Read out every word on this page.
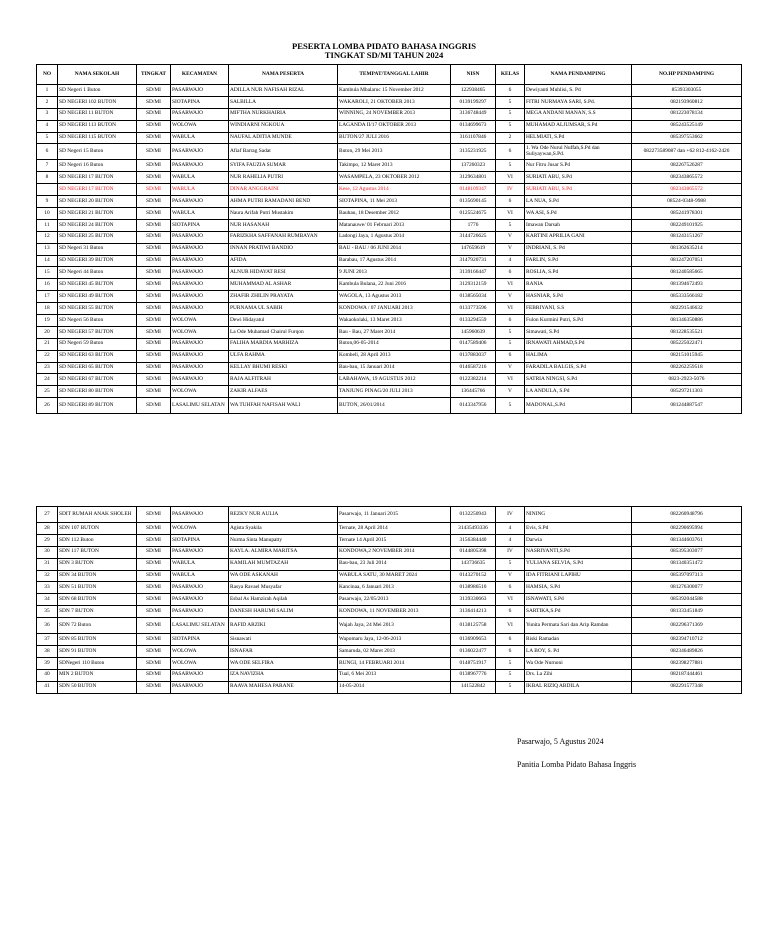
PESERTA LOMBA PIDATO BAHASA INGGRIS
TINGKAT SD/MI TAHUN 2024
NO	NAMA SEKOLAH	TINGKAT	KECAMATAN	NAMA PESERTA	TEMPAT/TANGGAL LAHIR	NISN	KELAS	NAMA PENDAMPING	NO.HP PENDAMPING
1	SD Negeri 1 Buton	SD/MI	PASARWAJO	ADILLA NUR NAFISAH RIZAL	Kambula Mbalaruc 15 November 2012	122938465	6	Dewiyanti Muhlisi, S. Pd	85393303055
2	SD NEGERI 102 BUTON	SD/MI	SIOTAPINA	SALBILLA	WAKAROLI, 21 OKTOBER 2013	0139199297	5	FITRI NURMAYA SARI, S.Pd.	082193960812
3	SD NEGERI 11 BUTON	SD/MI	PASARWAJO	MIFTHA NURKHAIRIA	WINNING, 24 NOVEMBER 2013	3136748449	5	MEGA ANDANI MANAN, S.S	081223078134
4	SD NEGERI 113 BUTON	SD/MI	WOLOWA	WINDIARNI NGKOUA	LAGANDA II/17 OKTOBER 2013	0134699673	5	MUHAMAD ALJUMSAR, S.Pd	085243525149
5	SD NEGERI 115 BUTON	SD/MI	WABULA	NAUFAL ADITIA MUNDE	BUTON/27 JULI 2016	3161107846	2	HELMIATI, S.Pd	085397553662
6	SD Negeri 15 Buton	SD/MI	PASARWAJO	Afiaf Barrag Sadat	Buton, 29 Mei 2013	3135231925	6	1. Wa Ode Nurul Nuffah,S.Pd dan Suliyaywan,S.Pd.	082273589087 dan +62 812-4162-2426
7	SD Negeri 16 Buton	SD/MI	PASARWAJO	SYIFA FAUZIA SUMAR	Takimpo, 12 Maret 2013	137260323	5	Nur Fitru Jusar S.Pd	082267526287
8	SD NEGERI 17 BUTON	SD/MI	WABULA	NUR RAHELIA PUTRI	WASAMPELA, 23 OKTOBER 2012	3129634801	VI	SURIATI ABU, S.Pd	082343865572
	SD NEGERI 17 BUTON	SD/MI	WABULA	DINAR ANGGRAINI	Kese, 12 Agustus 2014	0148109347	IV	SURIATI ABU, S.Pd	082343865572
9	SD NEGERI 20 BUTON	SD/MI	PASARWAJO	AHMA PUTRI RAMADANI BEND	SIOTAPINA, 11 Mei 2013	0135690145	6	LA NUA, S.Pd	08524-0348-9988
10	SD NEGERI 21 BUTON	SD/MI	WABULA	Naura Arifah Putri Mustakim	Bauhau, 18 Desember 2012	0125524675	VI	WA ASI, S.Pd	085241978301
11	SD NEGERI 24 BUTON	SD/MI	SIOTAPINA	NUR HASANAH	Matanauwe/ 01 Februari 2013	1776	5	Imawan Darsah	082249101925
12	SD NEGERI 25 BUTON	SD/MI	PASARWAJO	FARIZKHA SAFFANAH RUMBAYAN	Ladongi Jaya, 1 Agustus 2014	3144726625	V	KARTINI APRILIA GANI	081243151267
13	SD Negeri 31 Buton	SD/MI	PASARWAJO	INNAN PRATIWI BANDIO	BAU - BAU / 06 JUNI 2014	147659619	V	INDRIANI, S. Pd	081362635214
14	SD NEGERI 39 BUTON	SD/MI	PASARWAJO	AFIDA	Barabau, 17 Agustus 2014	3147920731	4	FARLIN, S.Pd	081247207051
15	SD Negeri 44 Buton	SD/MI	PASARWAJO	ALNUR HIDAYAT RESI	9 JUNI 2013	3139166447	6	ROSLIA, S.Pd	081240585665
16	SD NEGERI 45 BUTON	SD/MI	PASARWAJO	MUHAMMAD AL ASHAR	Kambula Bulana, 22 Juni 2016	3129312159	VI	RANIA	081394672493
17	SD NEGERI 49 BUTON	SD/MI	PASARWAJO	ZHAFIR ZHILIN PRAYATA	WAGOLA, 13 Agustus 2013	0138565034	V	HASNIAR, S.Pd	085333566182
18	SD NEGERI 55 BUTON	SD/MI	PASARWAJO	PURNAMA UL SABIH	KONDOWA / 07 JANUARI 2013	0133773596	VI	FEBRIYANI, S.S	082291546632
19	SD Negeri 56 Buton	SD/MI	WOLOWA	Dewi Hidayatul	Wakaokolaki, 13 Maret 2013	0133294559	6	Fulon Kurmini Putri, S.Pd	081346350886
20	SD NEGERI 57 BUTON	SD/MI	WOLOWA	La Ode Muhamad Chairul Furqon	Bau - Bau, 27 Maret 2014	145960639	5	Simawati, S.Pd	081228535521
21	SD Negeri 59 Buton	SD/MI	PASARWAJO	FALIHA MARDIA MARHIZA	Buton,06-05-2014	0147589406	5	IRNAWATI AHMAD,S.Pd	085225022471
22	SD NEGERI 63 BUTON	SD/MI	PASARWAJO	ULFA RAHMA	Kombeli, 28 April 2013	0137883037	6	HALIMA	082151015945
23	SD NEGERI 65 BUTON	SD/MI	PASARWAJO	KELLAY BHUMI RESKI	Bau-bau, 15 Januari 2014	0146587216	V	FARADILA BALGIS, S.Pd	082262259518
24	SD NEGERI 67 BUTON	SD/MI	PASARWAJO	RAJA ALFITRAH	LABAHAWA, 19 AGUSTUS 2012	0122382214	VI	SATRIA NINGSI, S.Pd	0823-2923-5076
25	SD NEGERI 80 BUTON	SD/MI	WOLOWA	ZAKIR ALFAES	TANJUNG PINAG/20 JULI 2013	136445766	V	LA ANDULA, S.Pd	085297211303
26	SD NEGERI 89 BUTON	SD/MI	LASALIMU SELATAN	WA TUHFAH NAFISAH WALI	BUTON, 26/01/2014	0143347956	5	MADONAL,S.Pd	081244887547
27	SDIT RUMAH ANAK SHOLEH	SD/MI	PASARWAJO	REZKY NUR AULIA	Pasarwajo, 11 Januari 2015	0132250943	IV	NINING	082260948796
28	SDN 107 BUTON	SD/MI	WOLOWA	Agista Syakila	Ternate, 28 April 2014	31435493336	4	Evis, S.Pd	082290695994
29	SDN 112 Buton	SD/MI	SIOTAPINA	Nurma Sinta Manupatty	Ternate 14 April 2015	3156384440	4	Darwia	081344603761
30	SDN 117 BUTON	SD/MI	PASARWAJO	KAYLA. ALMIRA MARITSA	KONDOWA,2 NOVEMBER 2014	0144805398	IV	NASRIYANTI,S.Pd	085395303077
31	SDN 3 BUTON	SD/MI	WABULA	KAMILAH MUMTAZAH	Bau-bau, 23 Juli 2014	143736635	5	YULIANA SELVIA, S.Pd	081340351472
32	SDN 34 BUTON	SD/MI	WABULA	WA ODE ASKANAH	WABULA SATU, 30 MARET 2024	0143270152	V	IDA FITRIANI LAPIHU	085397097313
33	SDN 51 BUTON	SD/MI	PASARWAJO	Rasya Ravael Musyafar	Kancinaa, 6 Januari 2013	0138986510	6	HAMSIA, S.Pd	081276300077
34	SDN 68 BUTON	SD/MI	PASARWAJO	Esbal As Hamzirah Aqilah	Pasarwajo, 22/05/2013	3139330663	VI	ISNAWATI, S.Pd	085392044588
35	SDN 7 BUTON	SD/MI	PASARWAJO	DANESH HARUMI SALIM	KONDOWA, 11 NOVEMBER 2013	3136414213	6	SARTIKA,S.Pd	081333451849
36	SDN 72 Buton	SD/MI	LASALIMU SELATAN	RAFID ARZIKI	Wajah Jaya, 24 Mei 2013	0138125758	VI	Yunita Permata Sari dan Arip Ramdan	082296371369
37	SDN 85 BUTON	SD/MI	SIOTAPINA	Sisnawati	Wapomaru Jaya, 12-06-2013	0136909653	6	Riski Ramadan	082394710712
38	SDN 91 BUTON	SD/MI	WOLOWA	ISNAFAR	Samaruda, 02 Maret 2013	0136022477	6	LA BOY, S. Pd	082346489826
39	SDNegeri 110 Buton	SD/MI	WOLOWA	WA ODE SELFIRA	BUNGI, 14 FEBRUARI 2014	0148751917	5	Wa Ode Nurnoni	082398277881
40	MIN 2 BUTON	SD/MI	PASARWAJO	IZA NAVIZHA	Tual, 6 Mei 2013	0138967776	5	Drs. La Zihi	082187444461
41	SDN 50 BUTON	SD/MI	PASARWAJO	RAAVA MAHESA PARANE	14-05-2014	141522842	5	IKBAL RIZIQ ABDILA	082291577348
Pasarwajo, 5 Agustus 2024
Panitia Lomba Pidato Bahasa Inggris
